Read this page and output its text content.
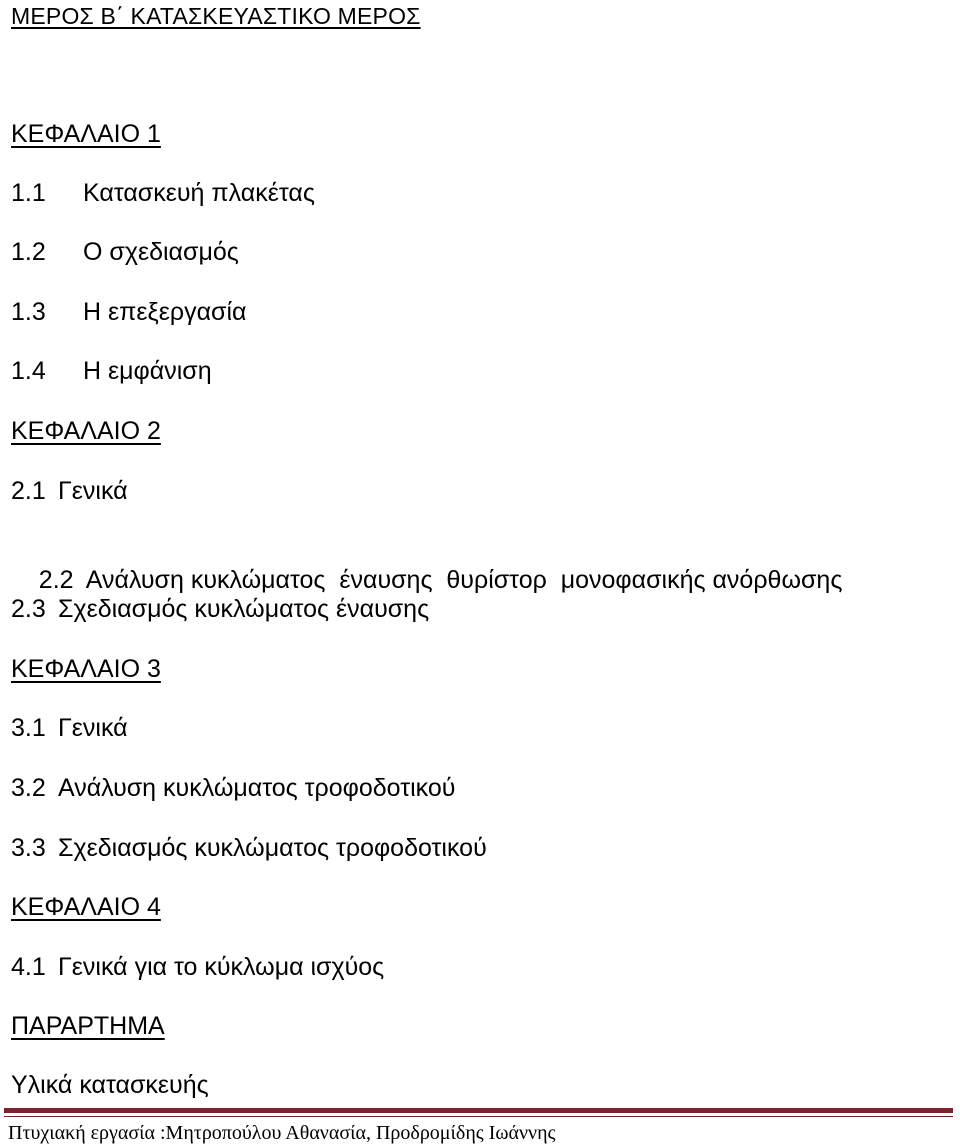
ΜΕΡΟΣ Β΄ ΚΑΤΑΣΚΕΥΑΣΤΙΚΟ ΜΕΡΟΣ
ΚΕΦΑΛΑΙΟ 1
1.1 Κατασκευή πλακέτας
1.2 Ο σχεδιασμός
1.3 Η επεξεργασία
1.4 Η εμφάνιση
ΚΕΦΑΛΑΙΟ 2
2.1 Γενικά

2.2 Ανάλυση κυκλώματος  έναυσης  θυρίστορ  μονοφασικής ανόρθωσης

2.3 Σχεδιασμός κυκλώματος έναυσης
ΚΕΦΑΛΑΙΟ 3
3.1 Γενικά
3.2 Ανάλυση κυκλώματος τροφοδοτικού
3.3 Σχεδιασμός κυκλώματος τροφοδοτικού
ΚΕΦΑΛΑΙΟ 4
4.1 Γενικά για το κύκλωμα ισχύος
ΠΑΡΑΡΤΗΜΑ
Υλικά κατασκευής
Πτυχιακή εργασία :Μητροπούλου Αθανασία, Προδρομίδης Ιωάννης
